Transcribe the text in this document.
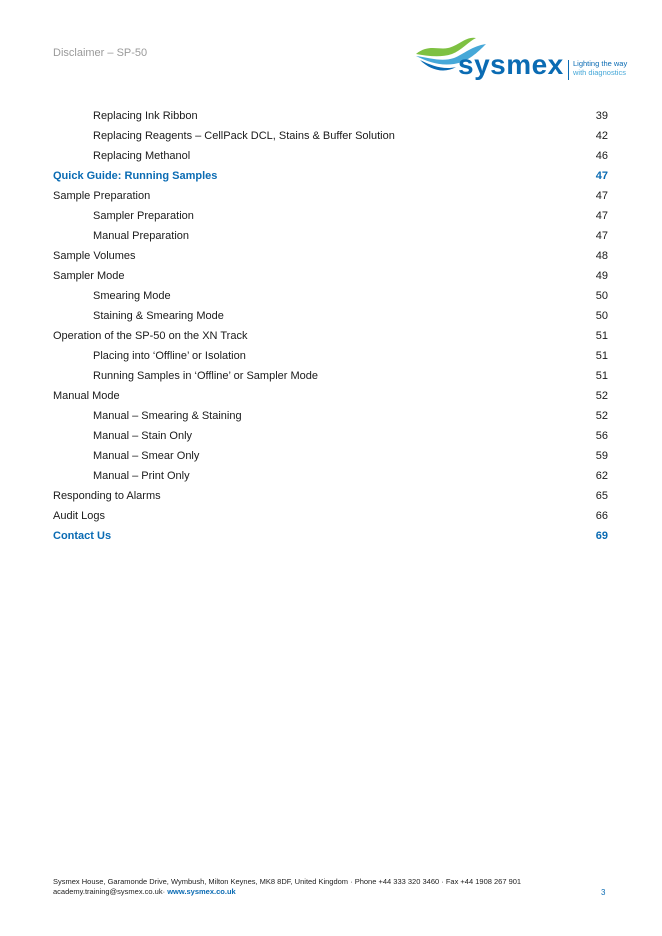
Disclaimer – SP-50	sysmex Lighting the way
with diagnostics
Replacing Ink Ribbon	39
Replacing Reagents – CellPack DCL, Stains & Buffer Solution	42
Replacing Methanol	46
Quick Guide: Running Samples	47
Sample Preparation	47
Sampler Preparation	47
Manual Preparation	47
Sample Volumes	48
Sampler Mode	49
Smearing Mode	50
Staining & Smearing Mode	50
Operation of the SP-50 on the XN Track	51
Placing into ‘Offline’ or Isolation	51
Running Samples in ‘Offline’ or Sampler Mode	51
Manual Mode	52
Manual – Smearing & Staining	52
Manual – Stain Only	56
Manual – Smear Only	59
Manual – Print Only	62
Responding to Alarms	65
Audit Logs	66
Contact Us	69
Sysmex House, Garamonde Drive, Wymbush, Milton Keynes, MK8 8DF, United Kingdom · Phone +44 333 320 3460 · Fax +44 1908 267 901
academy.training@sysmex.co.uk· www.sysmex.co.uk	3
